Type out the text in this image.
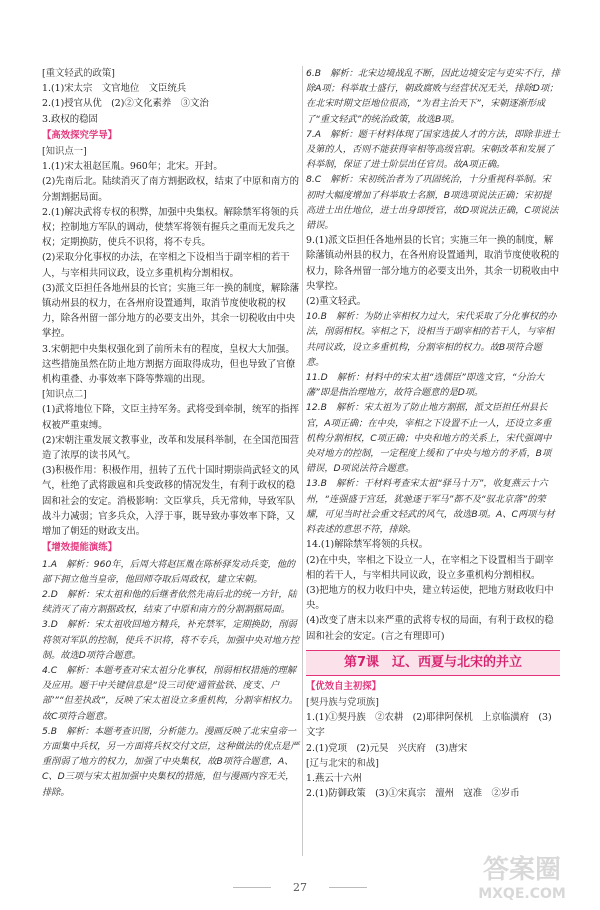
[重文轻武的政策]

1.(1)宋太宗　文官地位　文臣统兵

2.(1)授官从优　(2)②文化素养　③文治

3.政权的稳固

【高效探究学导】

[知识点一]

1.(1)宋太祖赵匡胤。960年；北宋。开封。

(2)先南后北。陆续消灭了南方割据政权，结束了中原和南方的分割割据局面。

2.(1)解决武将专权的积弊，加强中央集权。解除禁军将领的兵权；控制地方军队的调动，使禁军将领有握兵之重而无发兵之权；定期换防，使兵不识将，将不专兵。

(2)采取分化事权的办法，在宰相之下设相当于副宰相的若干人，与宰相共同议政，设立多重机构分割相权。

(3)派文臣担任各地州县的长官；实施三年一换的制度，解除藩镇动州县的权力，在各州府设置通判，取消节度使收税的权力，除各州留一部分地方的必要支出外，其余一切税收由中央掌控。

3.宋朝把中央集权强化到了前所未有的程度，皇权大大加强。这些措施虽然在防止地方割据方面取得成功，但也导致了官僚机构重叠、办事效率下降等弊端的出现。

[知识点二]

(1)武将地位下降，文臣主持军务。武将受到牵制，统军的指挥权被严重束缚。

(2)宋朝注重发展文教事业，改革和发展科举制，在全国范围营造了浓厚的读书风气。

(3)积极作用：积极作用，扭转了五代十国时期崇尚武轻文的风气，杜绝了武将跋扈和兵变政移的情况发生，有利于政权的稳固和社会的安定。消极影响：文臣掌兵，兵无常帅，导致军队战斗力减弱；官多兵众，入浮于事，既导致办事效率下降，又增加了朝廷的财政支出。

【增效提能演练】

1.A　解析：960年，后周大将赵匡胤在陈桥驿发动兵变，他的部下拥立他当皇帝，他回师夺取后周政权，建立宋朝。

2.D　解析：宋太祖和他的后继者依然先南后北的统一方针，陆续消灭了南方割据政权，结束了中原和南方的分割割据局面。

3.D　解析：宋太祖收回地方精兵，补充禁军，定期换防，削弱将领对军队的控制，使兵不识将，将不专兵，加强中央对地方控制。故选D项符合题意。

4.C　解析：本题考查对宋太祖分化事权，削弱相权措施的理解及应用。题干中关键信息是“设三司使‘通管盐铁、度支、户部’”“但差执政”，反映了宋太祖设立多重机构，分割宰相权力。故C项符合题意。

5.B　解析：本题考查识图，分析能力。漫画反映了北宋皇帝一方面集中兵权，另一方面将兵权交付文臣，这种做法的优点是严重削弱了地方的权力，加强了中央集权，故B项符合题意，A、C、D三项与宋太祖加强中央集权的措施，但与漫画内容无关，排除。

6.B　解析：北宋边境战乱不断，因此边境安定与吏实不行，排除A项；科举取士盛行，朝政腐败与经营状况无关，排除D项；在北宋时期文臣地位很高，“为君主治天下”，宋朝逐渐形成了“重文轻武”的统治政策，故选B项。

7.A　解析：题干材料体现了国家选拔人才的方法，即除非进士及第的人，否则不能获得宰相等高级官职。宋朝改革和发展了科举制，保证了进士阶层出任官员。故A项正确。

8.C　解析：宋初统治者为了巩固统治，十分重视科举制。宋初时大幅度增加了科举取士名额，B项选项说法正确；宋初提高进士出仕地位，进士出身即授官，故D项说法正确，C项说法错误。

9.(1)派文臣担任各地州县的长官；实施三年一换的制度，解除藩镇动州县的权力，在各州府设置通判，取消节度使收税的权力，除各州留一部分地方的必要支出外，其余一切税收由中央掌控。

(2)重文轻武。

10.B　解析：为防止宰相权力过大，宋代采取了分化事权的办法，削弱相权。宰相之下，设相当于副宰相的若干人，与宰相共同议政，设立多重机构，分割宰相的权力。故B项符合题意。

11.D　解析：材料中的宋太祖“选儒臣”即选文官，“分治大藩”即是指治理地方，故符合题意的是D项。

12.B　解析：宋太祖为了防止地方割据，派文臣担任州县长官，A项正确；在中央，宰相之下设置不止一人，还设立多重机构分割相权，C项正确；中央和地方的关系上，宋代强调中央对地方的控制，一定程度上缓和了中央与地方的矛盾，B项错误，D项说法符合题意。

13.B　解析：干材料考查宋太祖“驿马十万”，收复燕云十六州，“连强盛于宫廷，犹驰逐于军马”都不及“驭北京落”的荣耀，可见当时社会重文轻武的风气，故选B项。A、C两项与材料表述的意思不符，排除。

14.(1)解除禁军将领的兵权。

(2)在中央，宰相之下设立一人，在宰相之下设置相当于副宰相的若干人，与宰相共同议政，设立多重机构分割相权。

(3)把地方的权力收归中央，建立转运使，把地方财政收归中央。

(4)改变了唐末以来严重的武将专权的局面，有利于政权的稳固和社会的安定。(言之有理即可)

第7课　辽、西夏与北宋的并立

【优效自主初探】

[契丹族与党项族]

1.(1)①契丹族　②农耕　(2)耶律阿保机　上京临潢府　(3)文字

2.(1)党项　(2)元昊　兴庆府　(3)唐宋

[辽与北宋的和战]

1.燕云十六州

2.(1)防御政策　(3)①宋真宗　澶州　寇准　②岁币

27
答案圈
MXQE.COM
